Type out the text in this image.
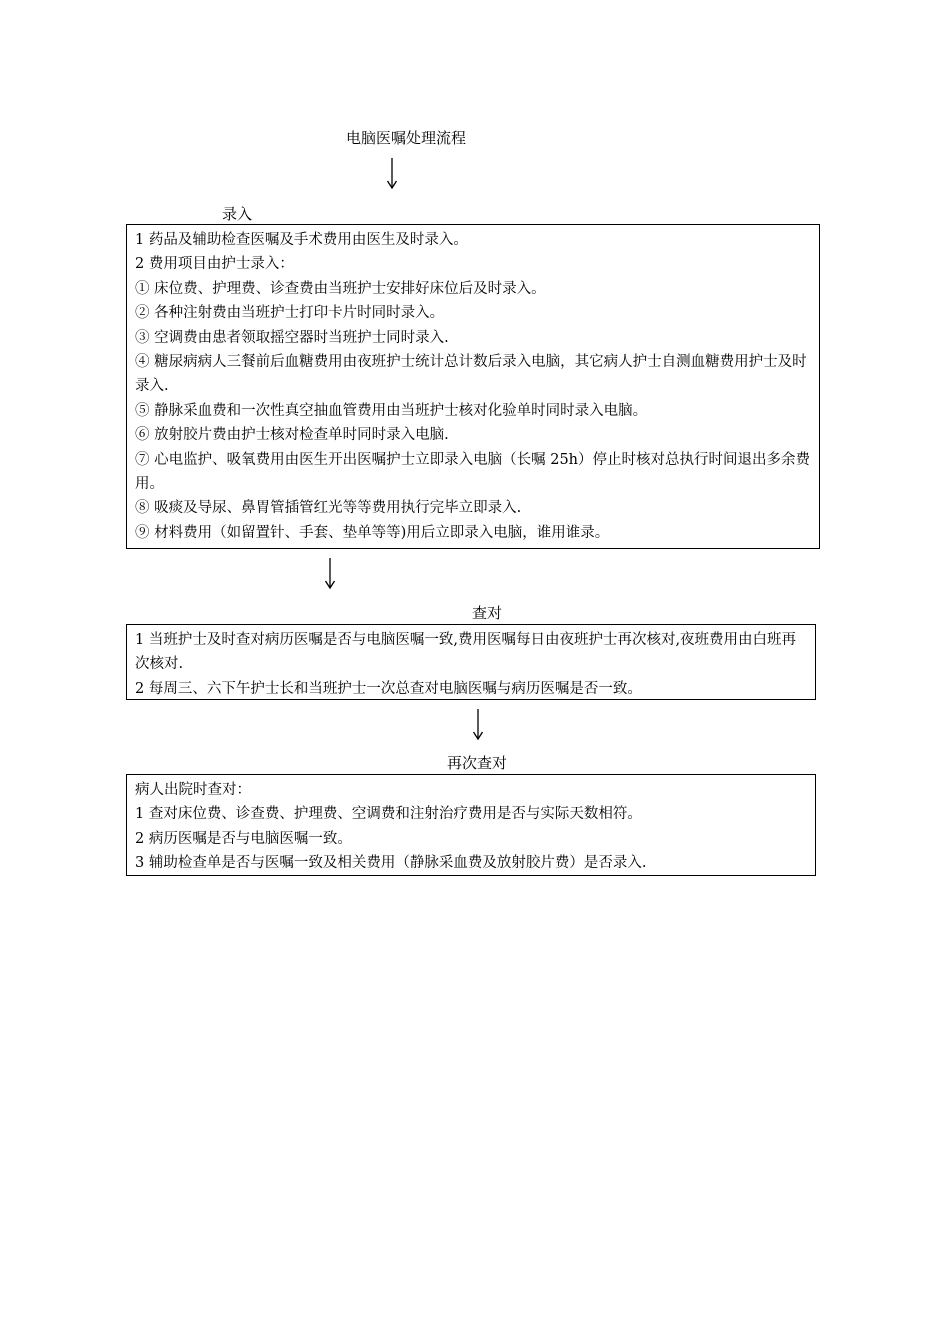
电脑医嘱处理流程
录入
1 药品及辅助检查医嘱及手术费用由医生及时录入。
2 费用项目由护士录入：
① 床位费、护理费、诊查费由当班护士安排好床位后及时录入。
② 各种注射费由当班护士打印卡片时同时录入。
③ 空调费由患者领取摇空器时当班护士同时录入.
④ 糖尿病病人三餐前后血糖费用由夜班护士统计总计数后录入电脑，其它病人护士自测血糖费用护士及时录入.
⑤ 静脉采血费和一次性真空抽血管费用由当班护士核对化验单时同时录入电脑。
⑥ 放射胶片费由护士核对检查单时同时录入电脑.
⑦ 心电监护、吸氧费用由医生开出医嘱护士立即录入电脑（长嘱 25h）停止时核对总执行时间退出多余费用。
⑧ 吸痰及导尿、鼻胃管插管红光等等费用执行完毕立即录入.
⑨ 材料费用（如留置针、手套、垫单等等)用后立即录入电脑，谁用谁录。
查对
1 当班护士及时查对病历医嘱是否与电脑医嘱一致,费用医嘱每日由夜班护士再次核对,夜班费用由白班再次核对.
2 每周三、六下午护士长和当班护士一次总查对电脑医嘱与病历医嘱是否一致。
再次查对
病人出院时查对：
1 查对床位费、诊查费、护理费、空调费和注射治疗费用是否与实际天数相符。
2 病历医嘱是否与电脑医嘱一致。
3 辅助检查单是否与医嘱一致及相关费用（静脉采血费及放射胶片费）是否录入.
